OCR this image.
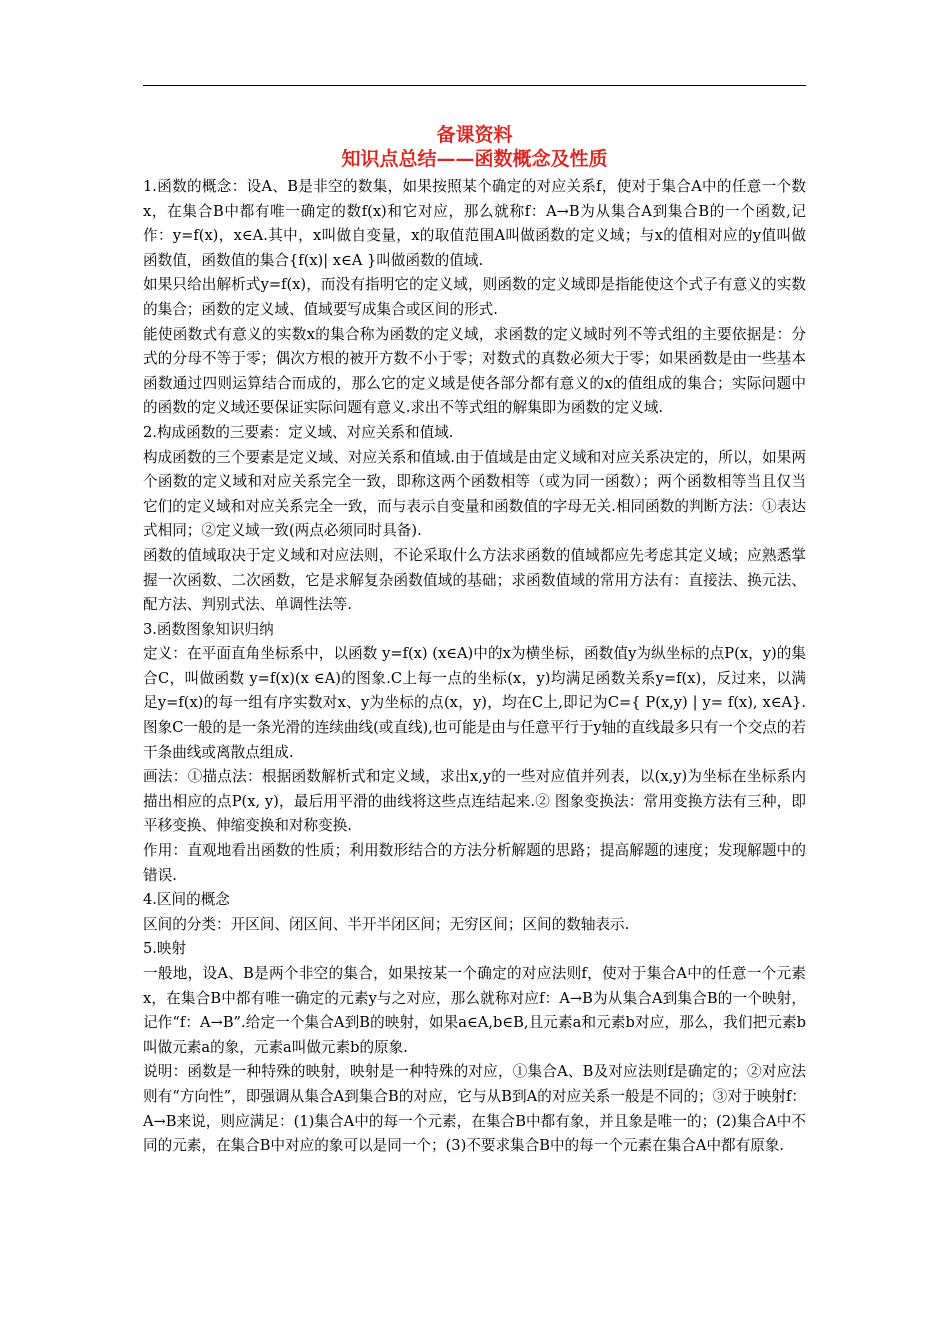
备课资料
知识点总结——函数概念及性质

1.函数的概念：设A、B是非空的数集，如果按照某个确定的对应关系f，使对于集合A中的任意一个数x，在集合B中都有唯一确定的数f(x)和它对应，那么就称f：A→B为从集合A到集合B的一个函数,记作：y=f(x)，x∈A.其中，x叫做自变量，x的取值范围A叫做函数的定义域；与x的值相对应的y值叫做函数值，函数值的集合{f(x)| x∈A }叫做函数的值域.

如果只给出解析式y=f(x)，而没有指明它的定义域，则函数的定义域即是指能使这个式子有意义的实数的集合；函数的定义域、值域要写成集合或区间的形式.

能使函数式有意义的实数x的集合称为函数的定义域，求函数的定义域时列不等式组的主要依据是：分式的分母不等于零；偶次方根的被开方数不小于零；对数式的真数必须大于零；如果函数是由一些基本函数通过四则运算结合而成的，那么它的定义域是使各部分都有意义的x的值组成的集合；实际问题中的函数的定义域还要保证实际问题有意义.求出不等式组的解集即为函数的定义域.

2.构成函数的三要素：定义域、对应关系和值域.

构成函数的三个要素是定义域、对应关系和值域.由于值域是由定义域和对应关系决定的，所以，如果两个函数的定义域和对应关系完全一致，即称这两个函数相等（或为同一函数）；两个函数相等当且仅当它们的定义域和对应关系完全一致，而与表示自变量和函数值的字母无关.相同函数的判断方法：①表达式相同；②定义域一致(两点必须同时具备).

函数的值域取决于定义域和对应法则，不论采取什么方法求函数的值域都应先考虑其定义域；应熟悉掌握一次函数、二次函数，它是求解复杂函数值域的基础；求函数值域的常用方法有：直接法、换元法、配方法、判别式法、单调性法等.

3.函数图象知识归纳

定义：在平面直角坐标系中，以函数 y=f(x) (x∈A)中的x为横坐标，函数值y为纵坐标的点P(x，y)的集合C，叫做函数 y=f(x)(x ∈A)的图象.C上每一点的坐标(x，y)均满足函数关系y=f(x)，反过来，以满足y=f(x)的每一组有序实数对x、y为坐标的点(x，y)，均在C上,即记为C={ P(x,y) | y= f(x), x∈A}.图象C一般的是一条光滑的连续曲线(或直线),也可能是由与任意平行于y轴的直线最多只有一个交点的若干条曲线或离散点组成.

画法：①描点法：根据函数解析式和定义域，求出x,y的一些对应值并列表，以(x,y)为坐标在坐标系内描出相应的点P(x, y)，最后用平滑的曲线将这些点连结起来.② 图象变换法：常用变换方法有三种，即平移变换、伸缩变换和对称变换.

作用：直观地看出函数的性质；利用数形结合的方法分析解题的思路；提高解题的速度；发现解题中的错误.

4.区间的概念

区间的分类：开区间、闭区间、半开半闭区间；无穷区间；区间的数轴表示.

5.映射

一般地，设A、B是两个非空的集合，如果按某一个确定的对应法则f，使对于集合A中的任意一个元素x，在集合B中都有唯一确定的元素y与之对应，那么就称对应f：A→B为从集合A到集合B的一个映射，记作“f：A→B”.给定一个集合A到B的映射，如果a∈A,b∈B,且元素a和元素b对应，那么，我们把元素b叫做元素a的象，元素a叫做元素b的原象.

说明：函数是一种特殊的映射，映射是一种特殊的对应，①集合A、B及对应法则f是确定的；②对应法则有“方向性”，即强调从集合A到集合B的对应，它与从B到A的对应关系一般是不同的；③对于映射f：A→B来说，则应满足：(1)集合A中的每一个元素，在集合B中都有象，并且象是唯一的；(2)集合A中不同的元素，在集合B中对应的象可以是同一个；(3)不要求集合B中的每一个元素在集合A中都有原象.
